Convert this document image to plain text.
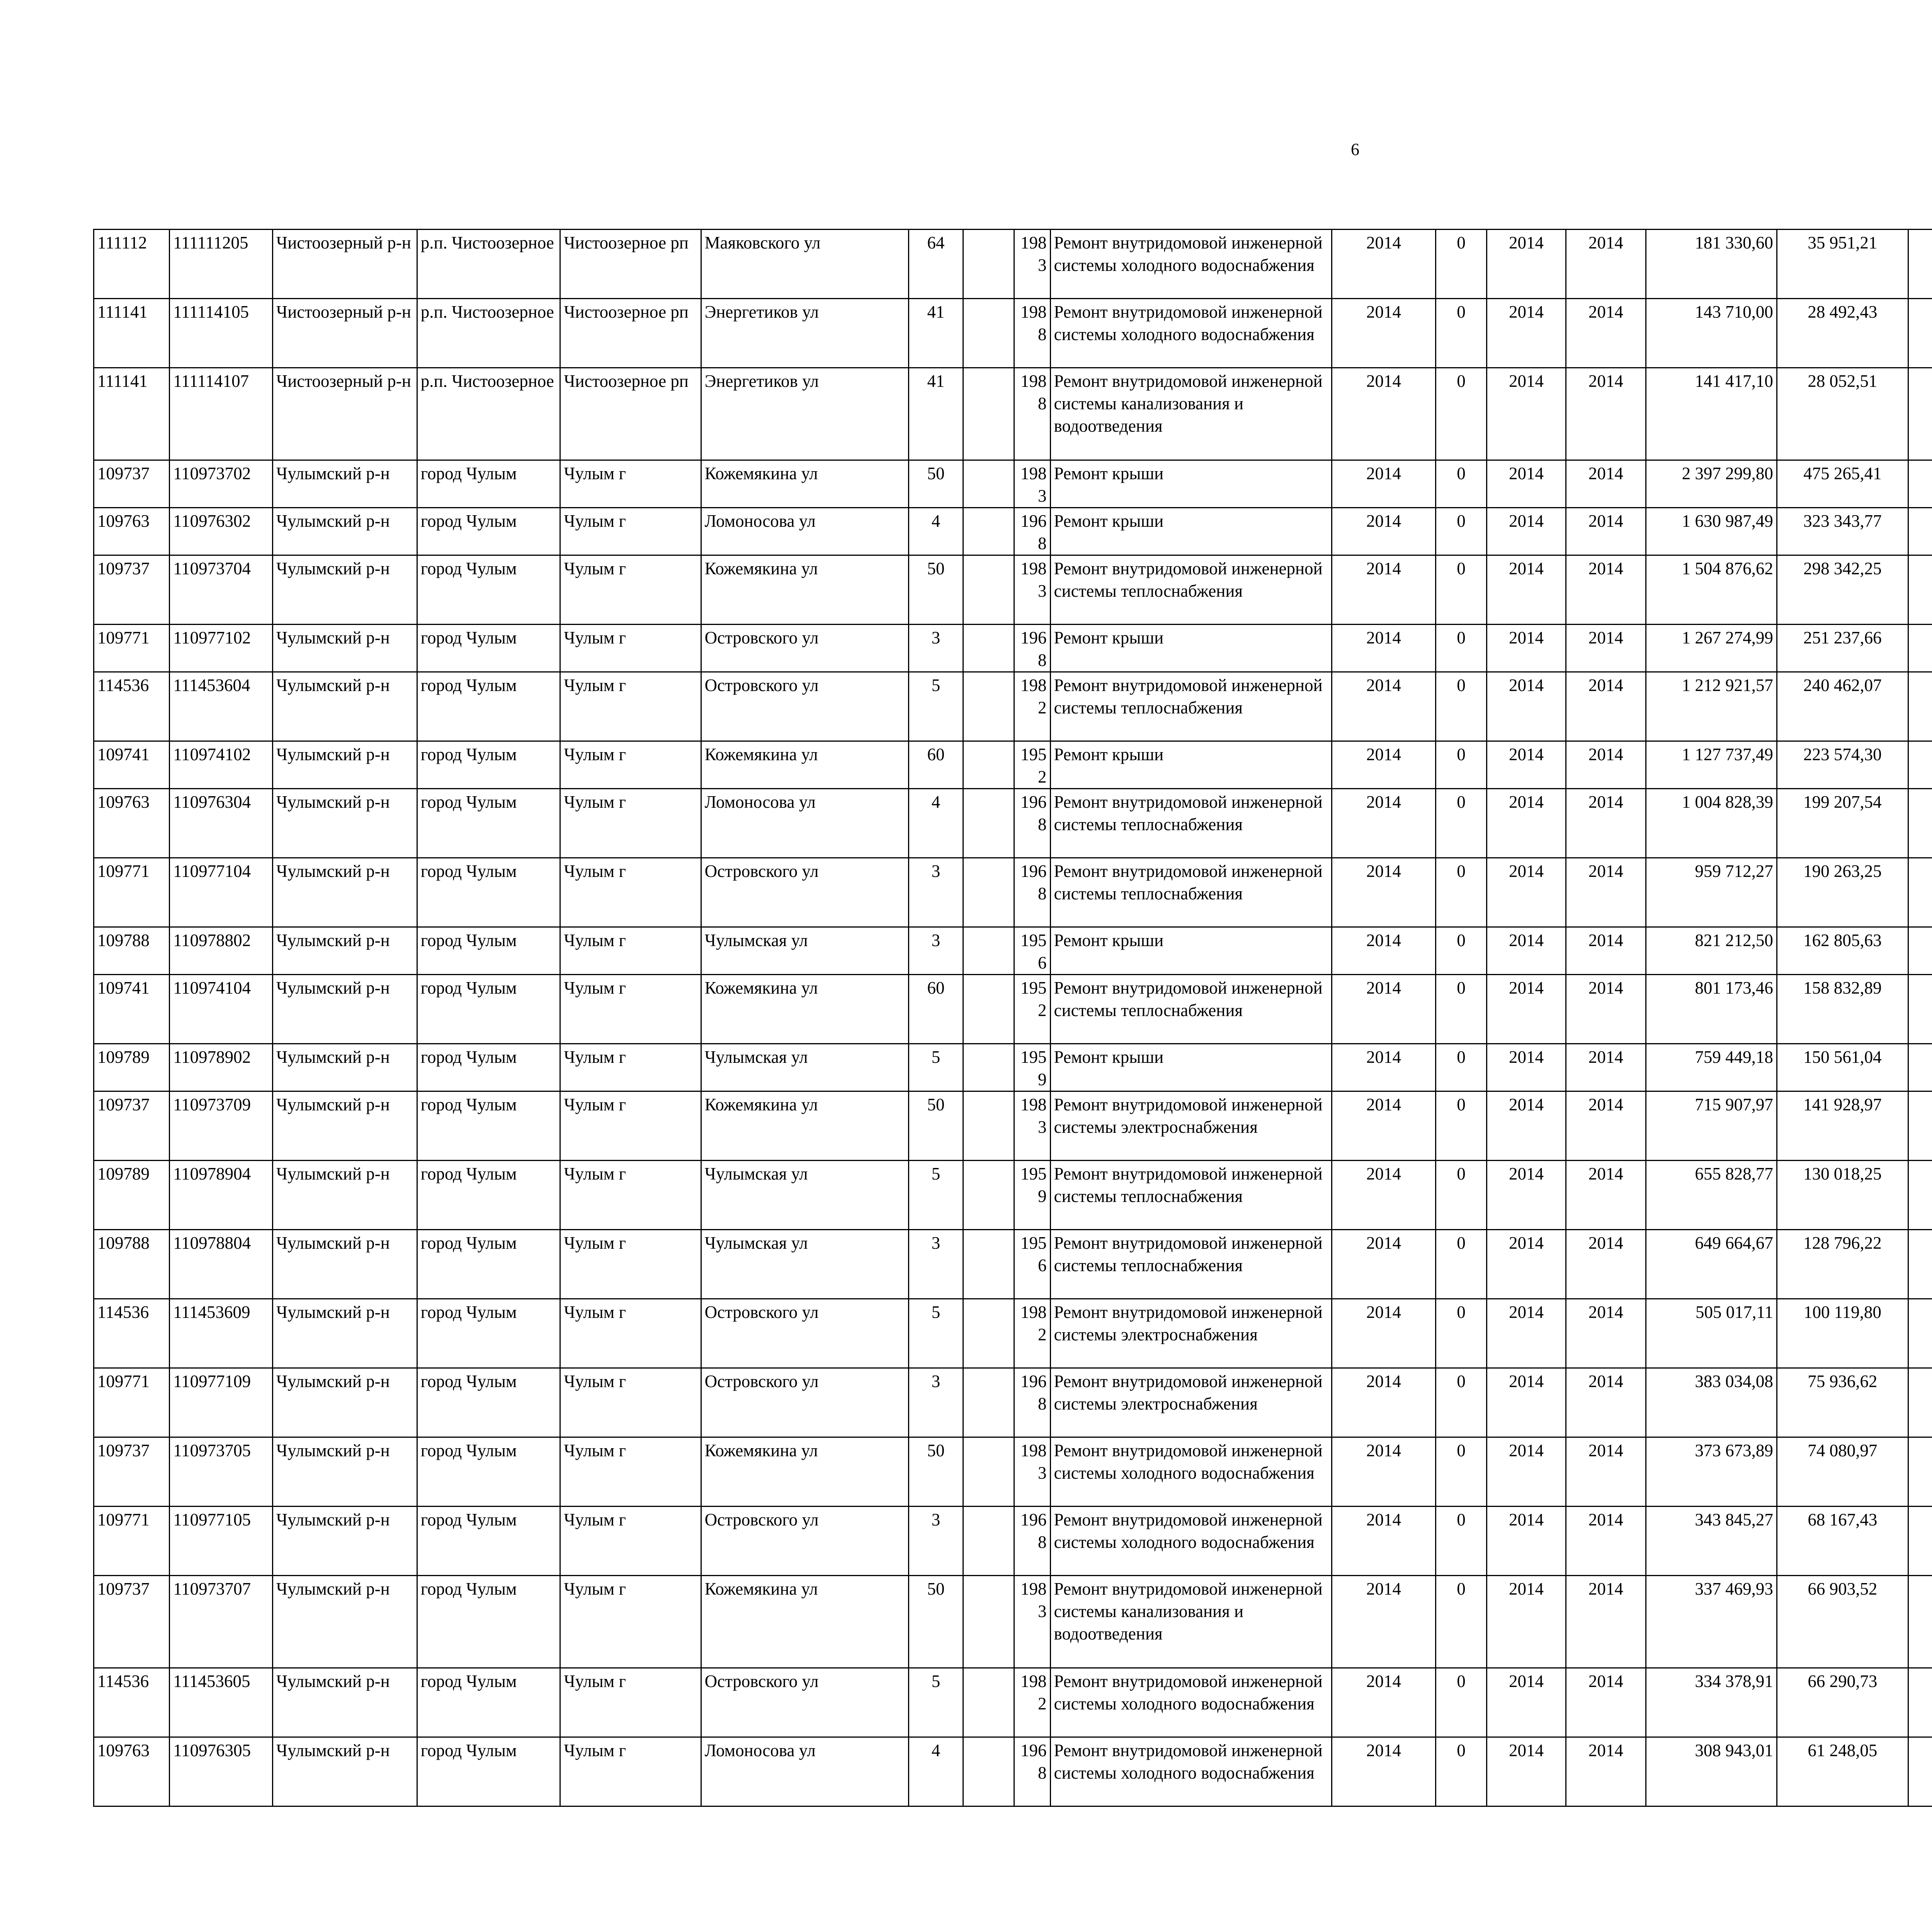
6
111112	111111205	Чистоозерный р-н	р.п. Чистоозерное	Чистоозерное рп	Маяковского ул	64		1983	Ремонт внутридомовой инженерной системы холодного водоснабжения	2014	0	2014	2014	181 330,60	35 951,21					
111141	111114105	Чистоозерный р-н	р.п. Чистоозерное	Чистоозерное рп	Энергетиков ул	41		1988	Ремонт внутридомовой инженерной системы холодного водоснабжения	2014	0	2014	2014	143 710,00	28 492,43					
111141	111114107	Чистоозерный р-н	р.п. Чистоозерное	Чистоозерное рп	Энергетиков ул	41		1988	Ремонт внутридомовой инженерной системы канализования и водоотведения	2014	0	2014	2014	141 417,10	28 052,51					
109737	110973702	Чулымский р-н	город Чулым	Чулым г	Кожемякина ул	50		1983	Ремонт крыши	2014	0	2014	2014	2 397 299,80	475 265,41					
109763	110976302	Чулымский р-н	город Чулым	Чулым г	Ломоносова ул	4		1968	Ремонт крыши	2014	0	2014	2014	1 630 987,49	323 343,77					
109737	110973704	Чулымский р-н	город Чулым	Чулым г	Кожемякина ул	50		1983	Ремонт внутридомовой инженерной системы теплоснабжения	2014	0	2014	2014	1 504 876,62	298 342,25					
109771	110977102	Чулымский р-н	город Чулым	Чулым г	Островского ул	3		1968	Ремонт крыши	2014	0	2014	2014	1 267 274,99	251 237,66					
114536	111453604	Чулымский р-н	город Чулым	Чулым г	Островского ул	5		1982	Ремонт внутридомовой инженерной системы теплоснабжения	2014	0	2014	2014	1 212 921,57	240 462,07					
109741	110974102	Чулымский р-н	город Чулым	Чулым г	Кожемякина ул	60		1952	Ремонт крыши	2014	0	2014	2014	1 127 737,49	223 574,30					
109763	110976304	Чулымский р-н	город Чулым	Чулым г	Ломоносова ул	4		1968	Ремонт внутридомовой инженерной системы теплоснабжения	2014	0	2014	2014	1 004 828,39	199 207,54					
109771	110977104	Чулымский р-н	город Чулым	Чулым г	Островского ул	3		1968	Ремонт внутридомовой инженерной системы теплоснабжения	2014	0	2014	2014	959 712,27	190 263,25					
109788	110978802	Чулымский р-н	город Чулым	Чулым г	Чулымская ул	3		1956	Ремонт крыши	2014	0	2014	2014	821 212,50	162 805,63					
109741	110974104	Чулымский р-н	город Чулым	Чулым г	Кожемякина ул	60		1952	Ремонт внутридомовой инженерной системы теплоснабжения	2014	0	2014	2014	801 173,46	158 832,89					
109789	110978902	Чулымский р-н	город Чулым	Чулым г	Чулымская ул	5		1959	Ремонт крыши	2014	0	2014	2014	759 449,18	150 561,04					
109737	110973709	Чулымский р-н	город Чулым	Чулым г	Кожемякина ул	50		1983	Ремонт внутридомовой инженерной системы электроснабжения	2014	0	2014	2014	715 907,97	141 928,97					
109789	110978904	Чулымский р-н	город Чулым	Чулым г	Чулымская ул	5		1959	Ремонт внутридомовой инженерной системы теплоснабжения	2014	0	2014	2014	655 828,77	130 018,25					
109788	110978804	Чулымский р-н	город Чулым	Чулым г	Чулымская ул	3		1956	Ремонт внутридомовой инженерной системы теплоснабжения	2014	0	2014	2014	649 664,67	128 796,22					
114536	111453609	Чулымский р-н	город Чулым	Чулым г	Островского ул	5		1982	Ремонт внутридомовой инженерной системы электроснабжения	2014	0	2014	2014	505 017,11	100 119,80					
109771	110977109	Чулымский р-н	город Чулым	Чулым г	Островского ул	3		1968	Ремонт внутридомовой инженерной системы электроснабжения	2014	0	2014	2014	383 034,08	75 936,62					
109737	110973705	Чулымский р-н	город Чулым	Чулым г	Кожемякина ул	50		1983	Ремонт внутридомовой инженерной системы холодного водоснабжения	2014	0	2014	2014	373 673,89	74 080,97					
109771	110977105	Чулымский р-н	город Чулым	Чулым г	Островского ул	3		1968	Ремонт внутридомовой инженерной системы холодного водоснабжения	2014	0	2014	2014	343 845,27	68 167,43					
109737	110973707	Чулымский р-н	город Чулым	Чулым г	Кожемякина ул	50		1983	Ремонт внутридомовой инженерной системы канализования и водоотведения	2014	0	2014	2014	337 469,93	66 903,52					
114536	111453605	Чулымский р-н	город Чулым	Чулым г	Островского ул	5		1982	Ремонт внутридомовой инженерной системы холодного водоснабжения	2014	0	2014	2014	334 378,91	66 290,73					
109763	110976305	Чулымский р-н	город Чулым	Чулым г	Ломоносова ул	4		1968	Ремонт внутридомовой инженерной системы холодного водоснабжения	2014	0	2014	2014	308 943,01	61 248,05					
